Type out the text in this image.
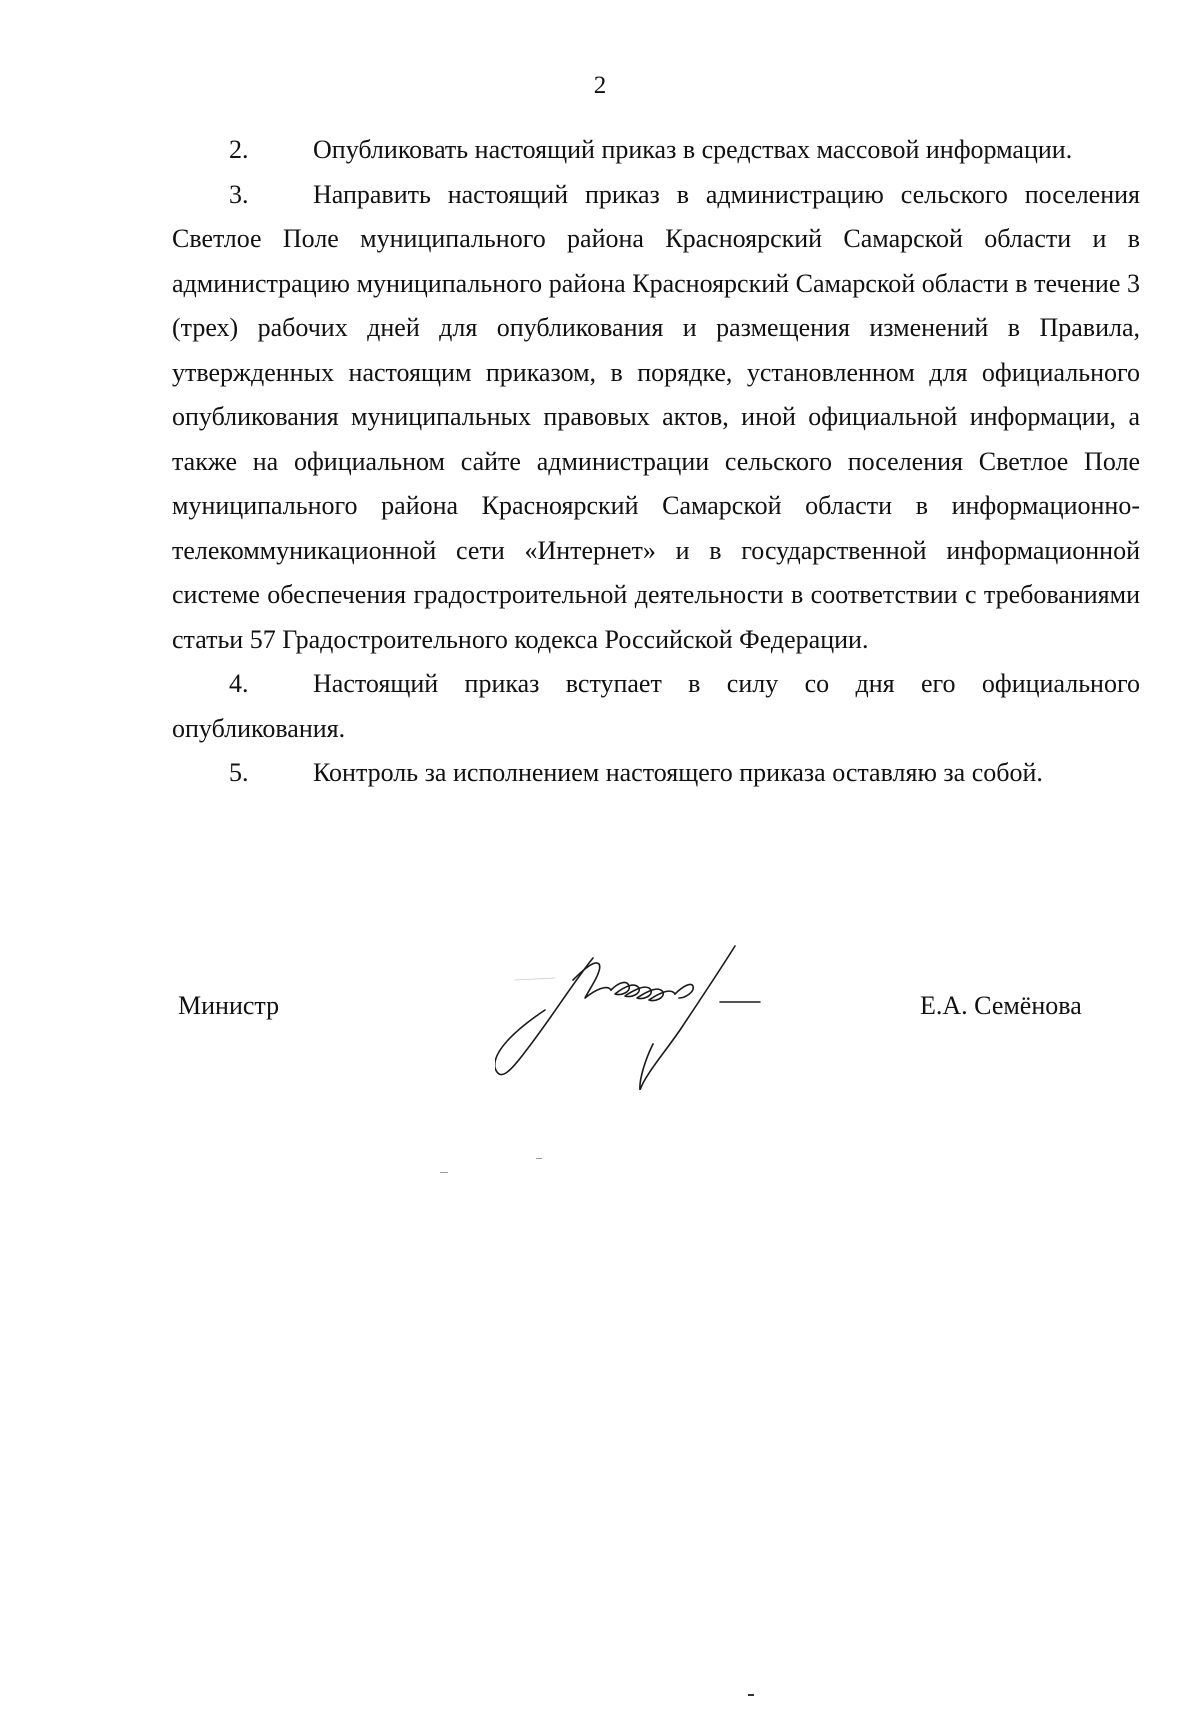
2

2. Опубликовать настоящий приказ в средствах массовой информации.

3. Направить настоящий приказ в администрацию сельского поселения Светлое Поле муниципального района Красноярский Самарской области и в администрацию муниципального района Красноярский Самарской области в течение 3 (трех) рабочих дней для опубликования и размещения изменений в Правила, утвержденных настоящим приказом, в порядке, установленном для официального опубликования муниципальных правовых актов, иной официальной информации, а также на официальном сайте администрации сельского поселения Светлое Поле муниципального района Красноярский Самарской области в информационно-телекоммуникационной сети «Интернет» и в государственной информационной системе обеспечения градостроительной деятельности в соответствии с требованиями статьи 57 Градостроительного кодекса Российской Федерации.

4. Настоящий приказ вступает в силу со дня его официального опубликования.

5. Контроль за исполнением настоящего приказа оставляю за собой.

Министр	Е.А. Семёнова
